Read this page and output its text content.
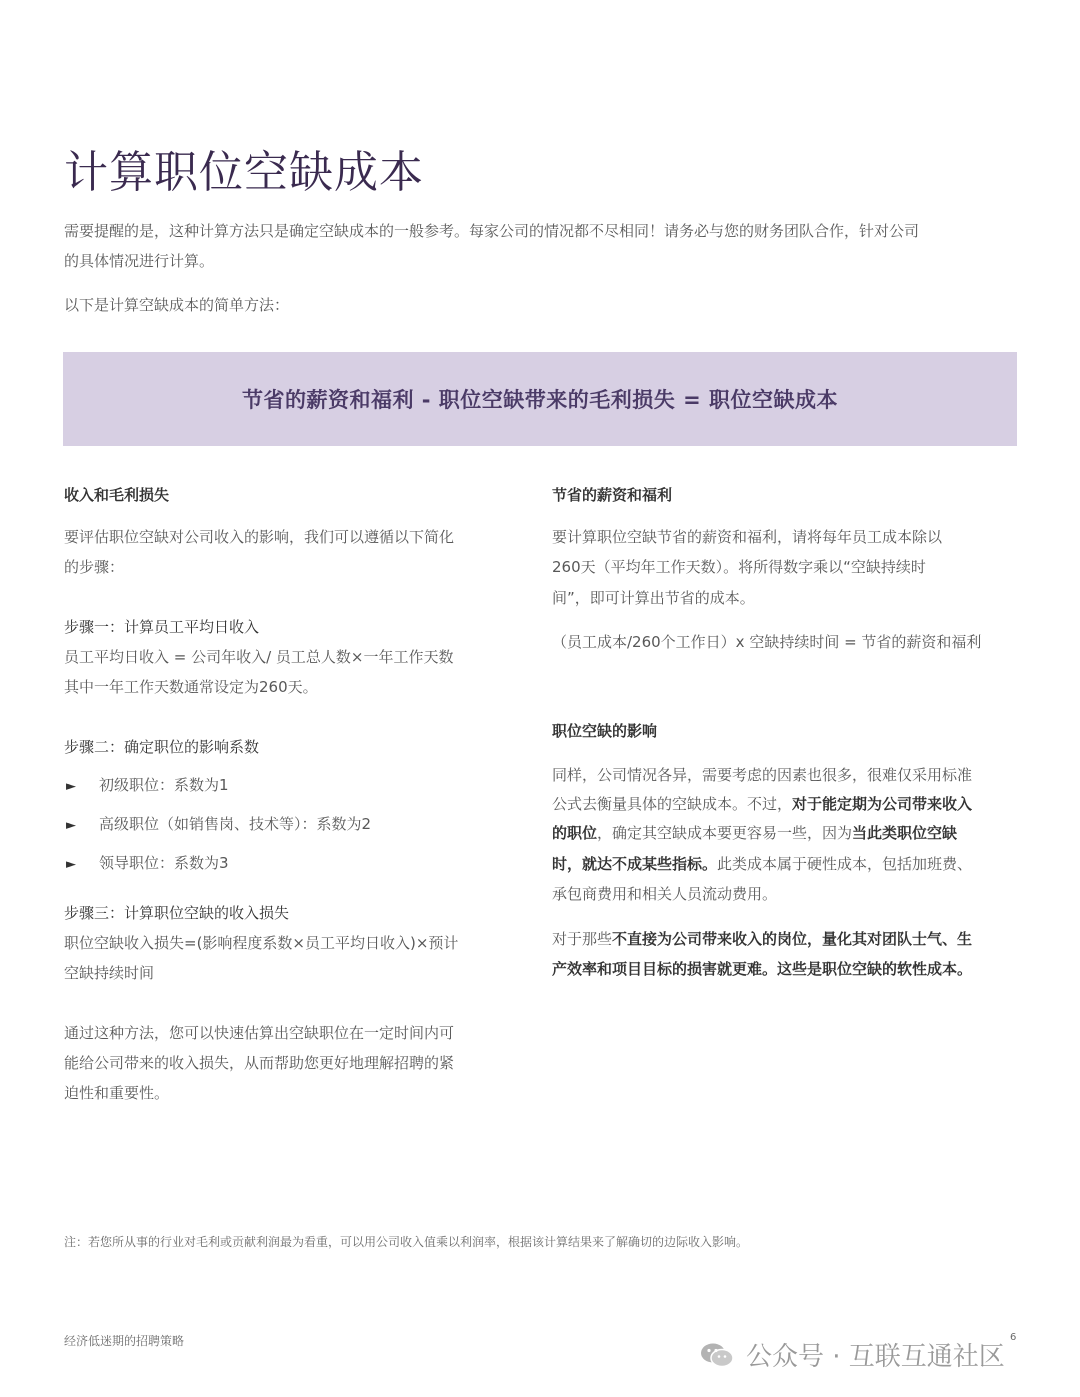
计算职位空缺成本
需要提醒的是，这种计算方法只是确定空缺成本的一般参考。每家公司的情况都不尽相同！请务必与您的财务团队合作，针对公司
的具体情况进行计算。
以下是计算空缺成本的简单方法：
节省的薪资和福利 - 职位空缺带来的毛利损失 = 职位空缺成本
收入和毛利损失
要评估职位空缺对公司收入的影响，我们可以遵循以下简化
的步骤：
步骤一：计算员工平均日收入
员工平均日收入 = 公司年收入/ 员工总人数×一年工作天数
其中一年工作天数通常设定为260天。
步骤二：确定职位的影响系数
► 初级职位：系数为1
► 高级职位（如销售岗、技术等）：系数为2
► 领导职位：系数为3
步骤三：计算职位空缺的收入损失
职位空缺收入损失=(影响程度系数×员工平均日收入)×预计
空缺持续时间
通过这种方法，您可以快速估算出空缺职位在一定时间内可
能给公司带来的收入损失，从而帮助您更好地理解招聘的紧
迫性和重要性。
节省的薪资和福利
要计算职位空缺节省的薪资和福利，请将每年员工成本除以
260天（平均年工作天数）。将所得数字乘以“空缺持续时
间”，即可计算出节省的成本。
（员工成本/260个工作日）x 空缺持续时间 = 节省的薪资和福利
职位空缺的影响
同样，公司情况各异，需要考虑的因素也很多，很难仅采用标准
公式去衡量具体的空缺成本。不过，对于能定期为公司带来收入
的职位，确定其空缺成本要更容易一些，因为当此类职位空缺
时，就达不成某些指标。此类成本属于硬性成本，包括加班费、
承包商费用和相关人员流动费用。
对于那些不直接为公司带来收入的岗位，量化其对团队士气、生
产效率和项目目标的损害就更难。这些是职位空缺的软性成本。
注：若您所从事的行业对毛利或贡献利润最为看重，可以用公司收入值乘以利润率，根据该计算结果来了解确切的边际收入影响。
经济低迷期的招聘策略	6
公众号 · 互联互通社区
